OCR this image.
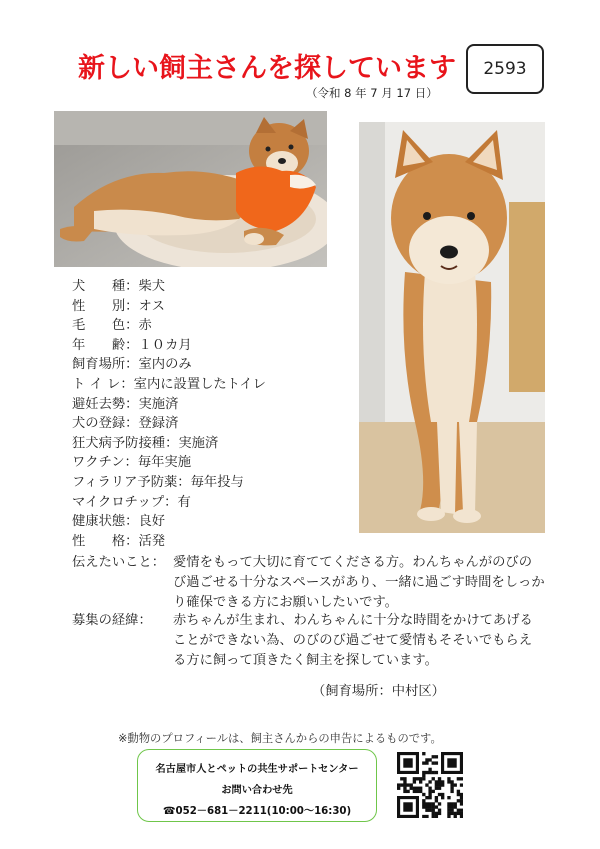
新しい飼主さんを探しています
（令和 8 年 7 月 17 日）
2593
犬　　種：柴犬
性　　別：オス
毛　　色：赤
年　　齢：１０カ月
飼育場所：室内のみ
ト イ レ：室内に設置したトイレ
避妊去勢：実施済
犬の登録：登録済
狂犬病予防接種：実施済
ワクチン：毎年実施
フィラリア予防薬：毎年投与
マイクロチップ：有
健康状態：良好
性　　格：活発
伝えたいこと： 愛情をもって大切に育ててくださる方。わんちゃんがのびのび過ごせる十分なスペースがあり、一緒に過ごす時間をしっかり確保できる方にお願いしたいです。
募集の経緯： 赤ちゃんが生まれ、わんちゃんに十分な時間をかけてあげることができない為、のびのび過ごせて愛情もそそいでもらえる方に飼って頂きたく飼主を探しています。
（飼育場所：中村区）
※動物のプロフィールは、飼主さんからの申告によるものです。
名古屋市人とペットの共生サポートセンター
お問い合わせ先
☎052－681－2211(10:00～16:30)
